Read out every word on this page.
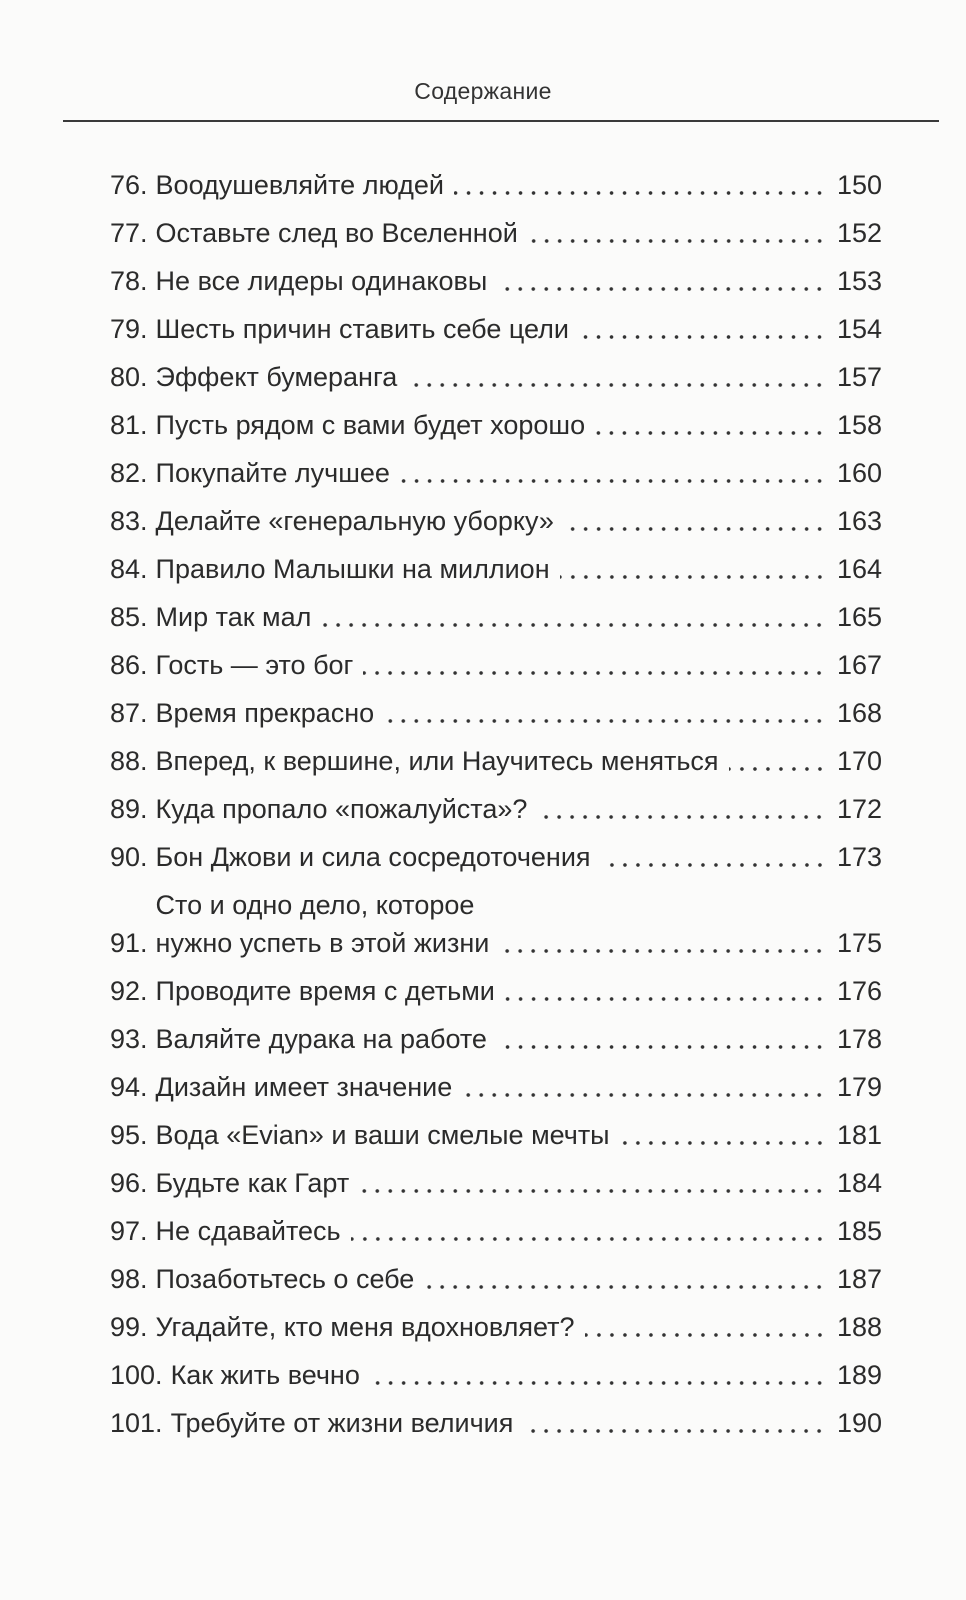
Содержание
76. Воодушевляйте людей	150
77. Оставьте след во Вселенной	152
78. Не все лидеры одинаковы	153
79. Шесть причин ставить себе цели	154
80. Эффект бумеранга	157
81. Пусть рядом с вами будет хорошо	158
82. Покупайте лучшее	160
83. Делайте «генеральную уборку»	163
84. Правило Малышки на миллион	164
85. Мир так мал	165
86. Гость — это бог	167
87. Время прекрасно	168
88. Вперед, к вершине, или Научитесь меняться	170
89. Куда пропало «пожалуйста»?	172
90. Бон Джови и сила сосредоточения	173
91.
Сто и одно дело, которое
нужно успеть в этой жизни	175
92. Проводите время с детьми	176
93. Валяйте дурака на работе	178
94. Дизайн имеет значение	179
95. Вода «Evian» и ваши смелые мечты	181
96. Будьте как Гарт	184
97. Не сдавайтесь	185
98. Позаботьтесь о себе	187
99. Угадайте, кто меня вдохновляет?	188
100. Как жить вечно	189
101. Требуйте от жизни величия	190
